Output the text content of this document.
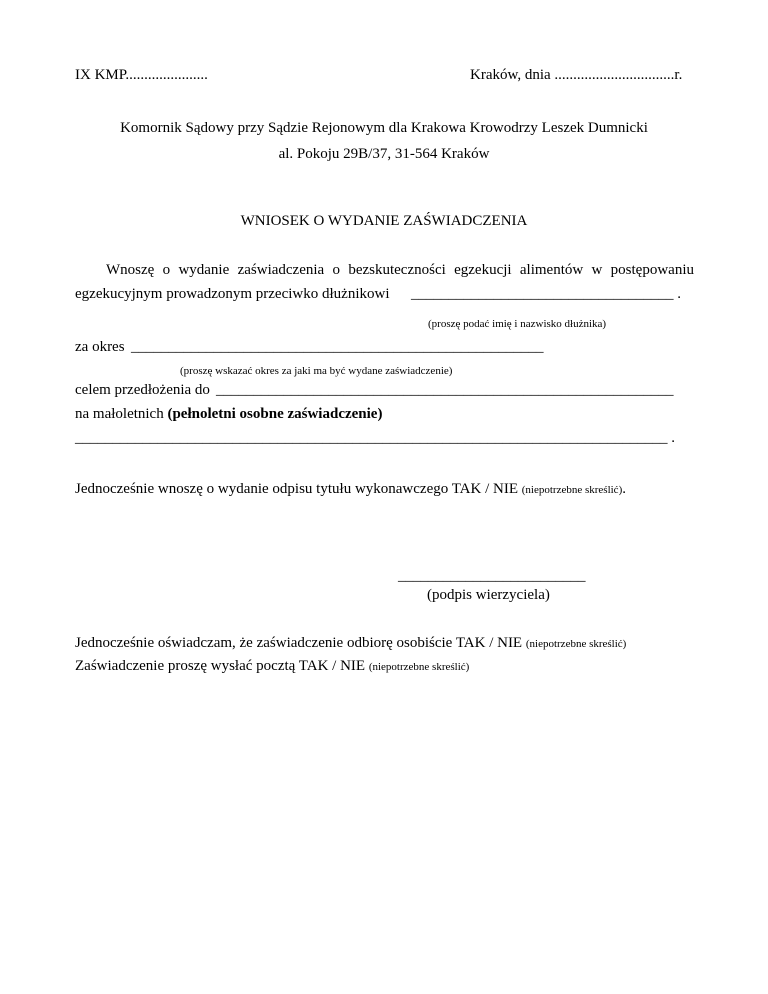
IX KMP......................	Kraków, dnia ................................r.
Komornik Sądowy przy Sądzie Rejonowym dla Krakowa Krowodrzy Leszek Dumnicki
al. Pokoju 29B/37, 31-564 Kraków
WNIOSEK O WYDANIE ZAŚWIADCZENIA
Wnoszę o wydanie zaświadczenia o bezskuteczności egzekucji alimentów w postępowaniu
egzekucyjnym prowadzonym przeciwko dłużnikowi ___________________________________ .
(proszę podać imię i nazwisko dłużnika)
za okres _______________________________________________________
(proszę wskazać okres za jaki ma być wydane zaświadczenie)
celem przedłożenia do _____________________________________________________________
na małoletnich (pełnoletni osobne zaświadczenie)
_______________________________________________________________________________ .
Jednocześnie wnoszę o wydanie odpisu tytułu wykonawczego TAK / NIE (niepotrzebne skreślić).
_________________________
(podpis wierzyciela)
Jednocześnie oświadczam, że zaświadczenie odbiorę osobiście TAK / NIE (niepotrzebne skreślić)
Zaświadczenie proszę wysłać pocztą TAK / NIE (niepotrzebne skreślić)
